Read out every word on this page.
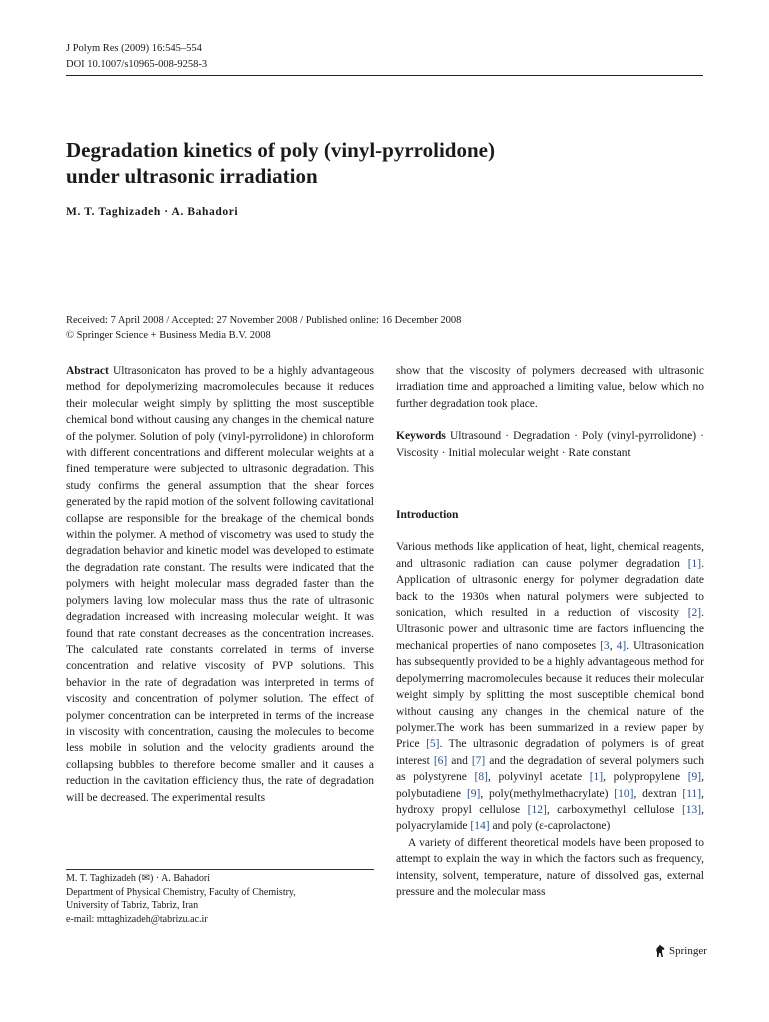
J Polym Res (2009) 16:545–554
DOI 10.1007/s10965-008-9258-3
Degradation kinetics of poly (vinyl-pyrrolidone)
under ultrasonic irradiation
M. T. Taghizadeh · A. Bahadori
Received: 7 April 2008 / Accepted: 27 November 2008 / Published online: 16 December 2008
© Springer Science + Business Media B.V. 2008

Abstract Ultrasonicaton has proved to be a highly advantageous method for depolymerizing macromolecules because it reduces their molecular weight simply by splitting the most susceptible chemical bond without causing any changes in the chemical nature of the polymer. Solution of poly (vinyl-pyrrolidone) in chloroform with different concentrations and different molecular weights at a fined temperature were subjected to ultrasonic degradation. This study confirms the general assumption that the shear forces generated by the rapid motion of the solvent following cavitational collapse are responsible for the breakage of the chemical bonds within the polymer. A method of viscometry was used to study the degradation behavior and kinetic model was developed to estimate the degradation rate constant. The results were indicated that the polymers with height molecular mass degraded faster than the polymers laving low molecular mass thus the rate of ultrasonic degradation increased with increasing molecular weight. It was found that rate constant decreases as the concentration increases. The calculated rate constants correlated in terms of inverse concentration and relative viscosity of PVP solutions. This behavior in the rate of degradation was interpreted in terms of viscosity and concentration of polymer solution. The effect of polymer concentration can be interpreted in terms of the increase in viscosity with concentration, causing the molecules to become less mobile in solution and the velocity gradients around the collapsing bubbles to therefore become smaller and it causes a reduction in the cavitation efficiency thus, the rate of degradation will be decreased. The experimental results

show that the viscosity of polymers decreased with ultrasonic irradiation time and approached a limiting value, below which no further degradation took place.

Keywords Ultrasound · Degradation · Poly (vinyl-pyrrolidone) · Viscosity · Initial molecular weight · Rate constant

Introduction

Various methods like application of heat, light, chemical reagents, and ultrasonic radiation can cause polymer degradation [1]. Application of ultrasonic energy for polymer degradation date back to the 1930s when natural polymers were subjected to sonication, which resulted in a reduction of viscosity [2]. Ultrasonic power and ultrasonic time are factors influencing the mechanical properties of nano composetes [3, 4]. Ultrasonication has subsequently provided to be a highly advantageous method for depolymerring macromolecules because it reduces their molecular weight simply by splitting the most susceptible chemical bond without causing any changes in the chemical nature of the polymer.The work has been summarized in a review paper by Price [5]. The ultrasonic degradation of polymers is of great interest [6] and [7] and the degradation of several polymers such as polystyrene [8], polyvinyl acetate [1], polypropylene [9], polybutadiene [9], poly(methylmethacrylate) [10], dextran [11], hydroxy propyl cellulose [12], carboxymethyl cellulose [13], polyacrylamide [14] and poly (ε-caprolactone)

A variety of different theoretical models have been proposed to attempt to explain the way in which the factors such as frequency, intensity, solvent, temperature, nature of dissolved gas, external pressure and the molecular mass

M. T. Taghizadeh (✉) · A. Bahadori
Department of Physical Chemistry, Faculty of Chemistry,
University of Tabriz, Tabriz, Iran
e-mail: mttaghizadeh@tabrizu.ac.ir
Springer
